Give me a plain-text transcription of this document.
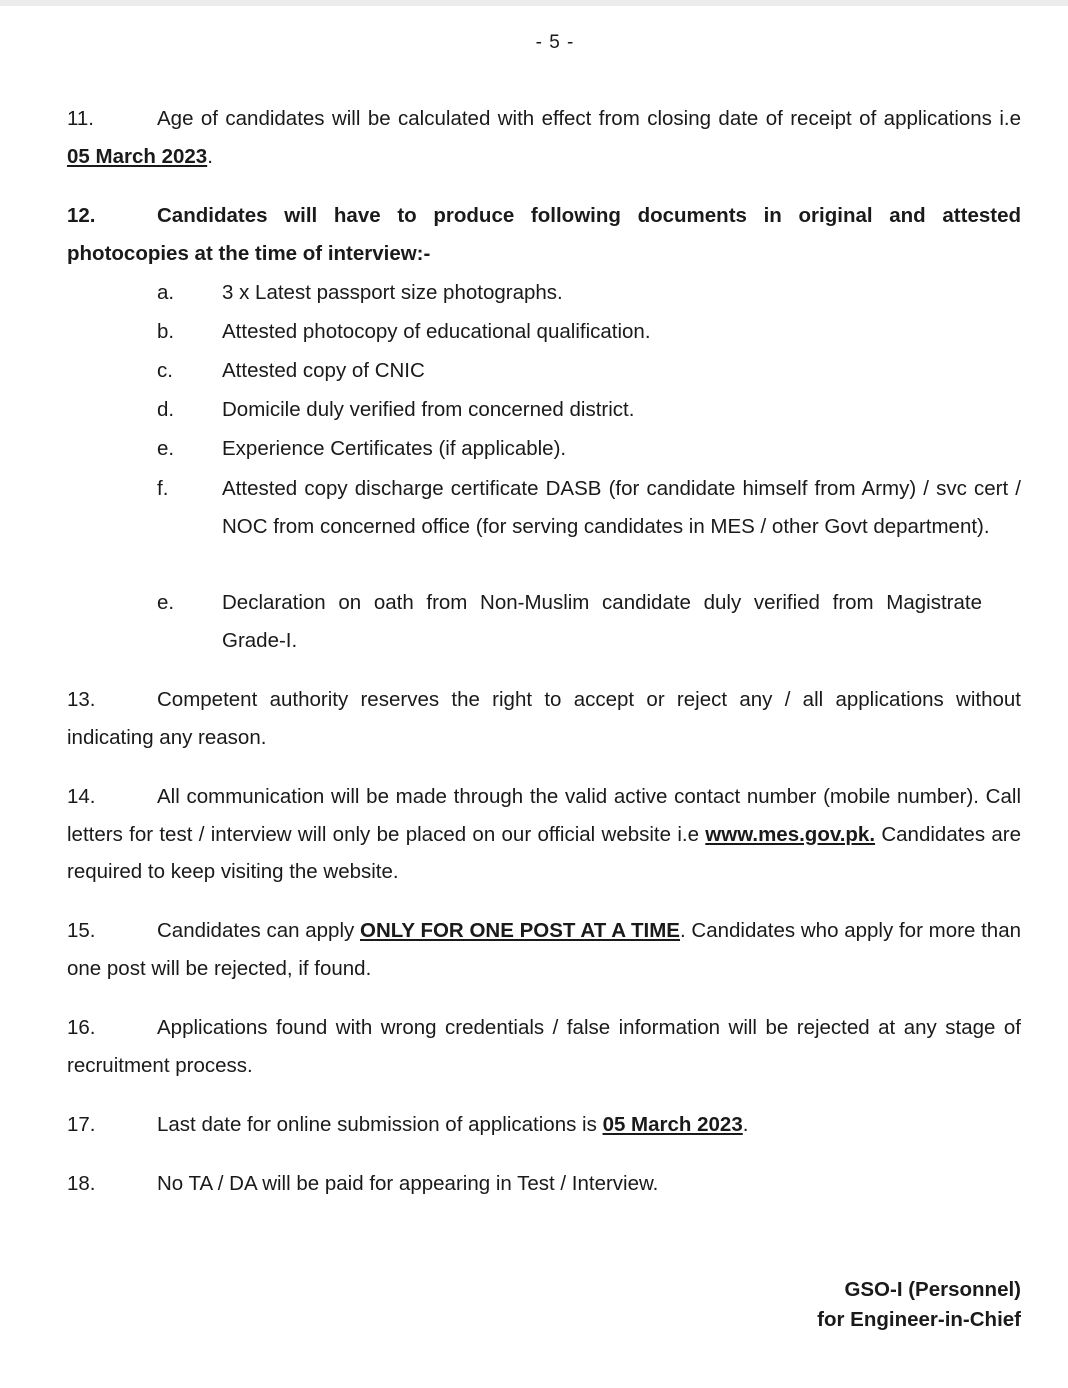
- 5 -
11.	Age of candidates will be calculated with effect from closing date of receipt of applications i.e 05 March 2023.
12.	Candidates will have to produce following documents in original and attested photocopies at the time of interview:-
a.	3 x Latest passport size photographs.
b.	Attested photocopy of educational qualification.
c.	Attested copy of CNIC
d.	Domicile duly verified from concerned district.
e.	Experience Certificates (if applicable).
f.	Attested copy discharge certificate DASB (for candidate himself from Army) / svc cert / NOC from concerned office (for serving candidates in MES / other Govt department).
e.	Declaration on oath from Non-Muslim candidate duly verified from Magistrate Grade-I.
13.	Competent authority reserves the right to accept or reject any / all applications without indicating any reason.
14.	All communication will be made through the valid active contact number (mobile number). Call letters for test / interview will only be placed on our official website i.e www.mes.gov.pk. Candidates are required to keep visiting the website.
15.	Candidates can apply ONLY FOR ONE POST AT A TIME. Candidates who apply for more than one post will be rejected, if found.
16.	Applications found with wrong credentials / false information will be rejected at any stage of recruitment process.
17.	Last date for online submission of applications is 05 March 2023.
18.	No TA / DA will be paid for appearing in Test / Interview.
GSO-I (Personnel)
for Engineer-in-Chief
